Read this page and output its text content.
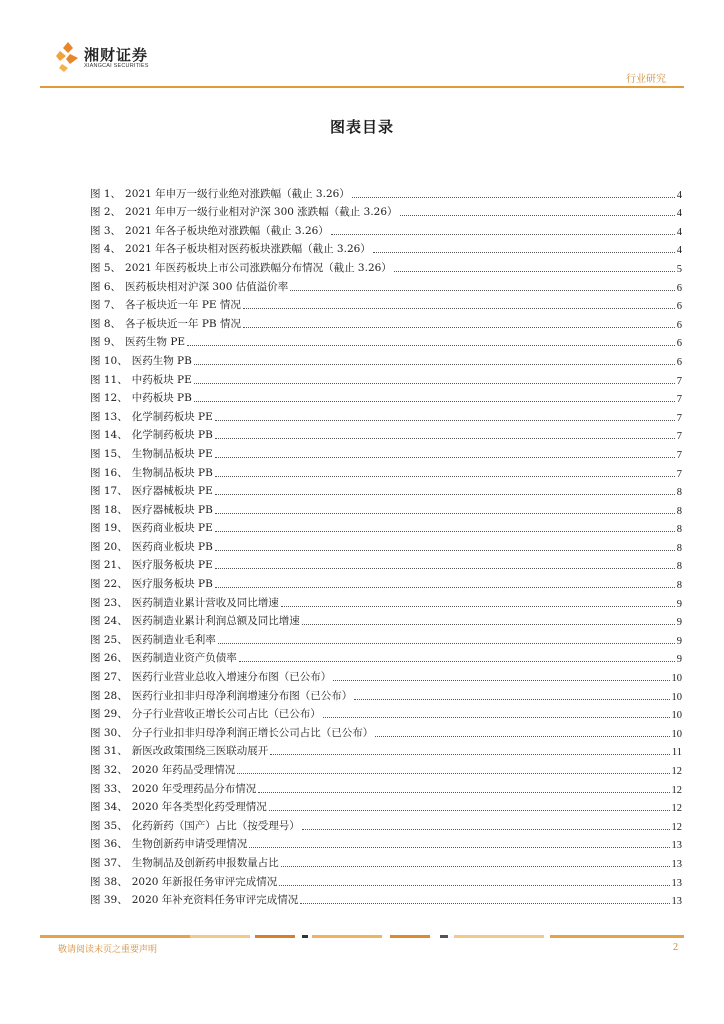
湘财证券
XIANGCAI SECURITIES
行业研究
图表目录
图 1、 2021 年申万一级行业绝对涨跌幅（截止 3.26）	4
图 2、 2021 年申万一级行业相对沪深 300 涨跌幅（截止 3.26）	4
图 3、 2021 年各子板块绝对涨跌幅（截止 3.26）	4
图 4、 2021 年各子板块相对医药板块涨跌幅（截止 3.26）	4
图 5、 2021 年医药板块上市公司涨跌幅分布情况（截止 3.26）	5
图 6、 医药板块相对沪深 300 估值溢价率	6
图 7、 各子板块近一年 PE 情况	6
图 8、 各子板块近一年 PB 情况	6
图 9、 医药生物 PE	6
图 10、 医药生物 PB	6
图 11、 中药板块 PE	7
图 12、 中药板块 PB	7
图 13、 化学制药板块 PE	7
图 14、 化学制药板块 PB	7
图 15、 生物制品板块 PE	7
图 16、 生物制品板块 PB	7
图 17、 医疗器械板块 PE	8
图 18、 医疗器械板块 PB	8
图 19、 医药商业板块 PE	8
图 20、 医药商业板块 PB	8
图 21、 医疗服务板块 PE	8
图 22、 医疗服务板块 PB	8
图 23、 医药制造业累计营收及同比增速	9
图 24、 医药制造业累计利润总额及同比增速	9
图 25、 医药制造业毛利率	9
图 26、 医药制造业资产负债率	9
图 27、 医药行业营业总收入增速分布图（已公布）	10
图 28、 医药行业扣非归母净利润增速分布图（已公布）	10
图 29、 分子行业营收正增长公司占比（已公布）	10
图 30、 分子行业扣非归母净利润正增长公司占比（已公布）	10
图 31、 新医改政策围绕三医联动展开	11
图 32、 2020 年药品受理情况	12
图 33、 2020 年受理药品分布情况	12
图 34、 2020 年各类型化药受理情况	12
图 35、 化药新药（国产）占比（按受理号）	12
图 36、 生物创新药申请受理情况	13
图 37、 生物制品及创新药申报数量占比	13
图 38、 2020 年新报任务审评完成情况	13
图 39、 2020 年补充资料任务审评完成情况	13
敬请阅读末页之重要声明	2
